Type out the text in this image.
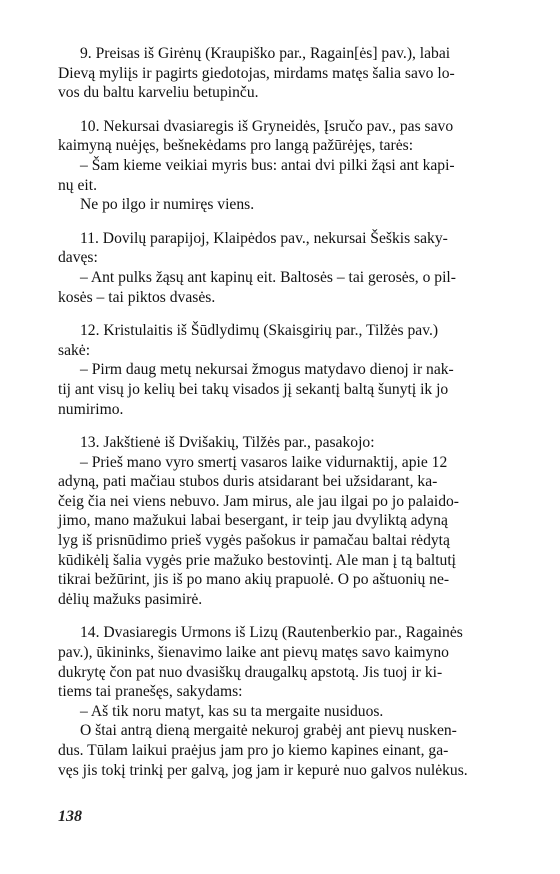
9. Preisas iš Girėnų (Kraupiško par., Ragain[ės] pav.), labai
Dievą myliįs ir pagirts giedotojas, mirdams matęs šalia savo lo-
vos du baltu karveliu betupinču.
10. Nekursai dvasiaregis iš Gryneidės, Įsručo pav., pas savo
kaimyną nuėjęs, bešnekėdams pro langą pažūrėjęs, tarės:
– Šam kieme veikiai myris bus: antai dvi pilki žąsi ant kapi-
nų eit.
Ne po ilgo ir numiręs viens.
11. Dovilų parapijoj, Klaipėdos pav., nekursai Šeškis saky-
davęs:
– Ant pulks žąsų ant kapinų eit. Baltosės – tai gerosės, o pil-
kosės – tai piktos dvasės.
12. Kristulaitis iš Šūdlydimų (Skaisgirių par., Tilžės pav.)
sakė:
– Pirm daug metų nekursai žmogus matydavo dienoj ir nak-
tij ant visų jo kelių bei takų visados jį sekantį baltą šunytį ik jo
numirimo.
13. Jakštienė iš Dvišakių, Tilžės par., pasakojo:
– Prieš mano vyro smertį vasaros laike vidurnaktij, apie 12
adyną, pati mačiau stubos duris atsidarant bei užsidarant, ka-
čeig čia nei viens nebuvo. Jam mirus, ale jau ilgai po jo palaido-
jimo, mano mažukui labai besergant, ir teip jau dvyliktą adyną
lyg iš prisnūdimo prieš vygės pašokus ir pamačau baltai rėdytą
kūdikėlį šalia vygės prie mažuko bestovintį. Ale man į tą baltutį
tikrai bežūrint, jis iš po mano akių prapuolė. O po aštuonių ne-
dėlių mažuks pasimirė.
14. Dvasiaregis Urmons iš Lizų (Rautenberkio par., Ragainės
pav.), ūkininks, šienavimo laike ant pievų matęs savo kaimyno
dukrytę čon pat nuo dvasiškų draugalkų apstotą. Jis tuoj ir ki-
tiems tai pranešęs, sakydams:
– Aš tik noru matyt, kas su ta mergaite nusiduos.
O štai antrą dieną mergaitė nekuroj grabėj ant pievų nusken-
dus. Tūlam laikui praėjus jam pro jo kiemo kapines einant, ga-
vęs jis tokį trinkį per galvą, jog jam ir kepurė nuo galvos nulėkus.
138
